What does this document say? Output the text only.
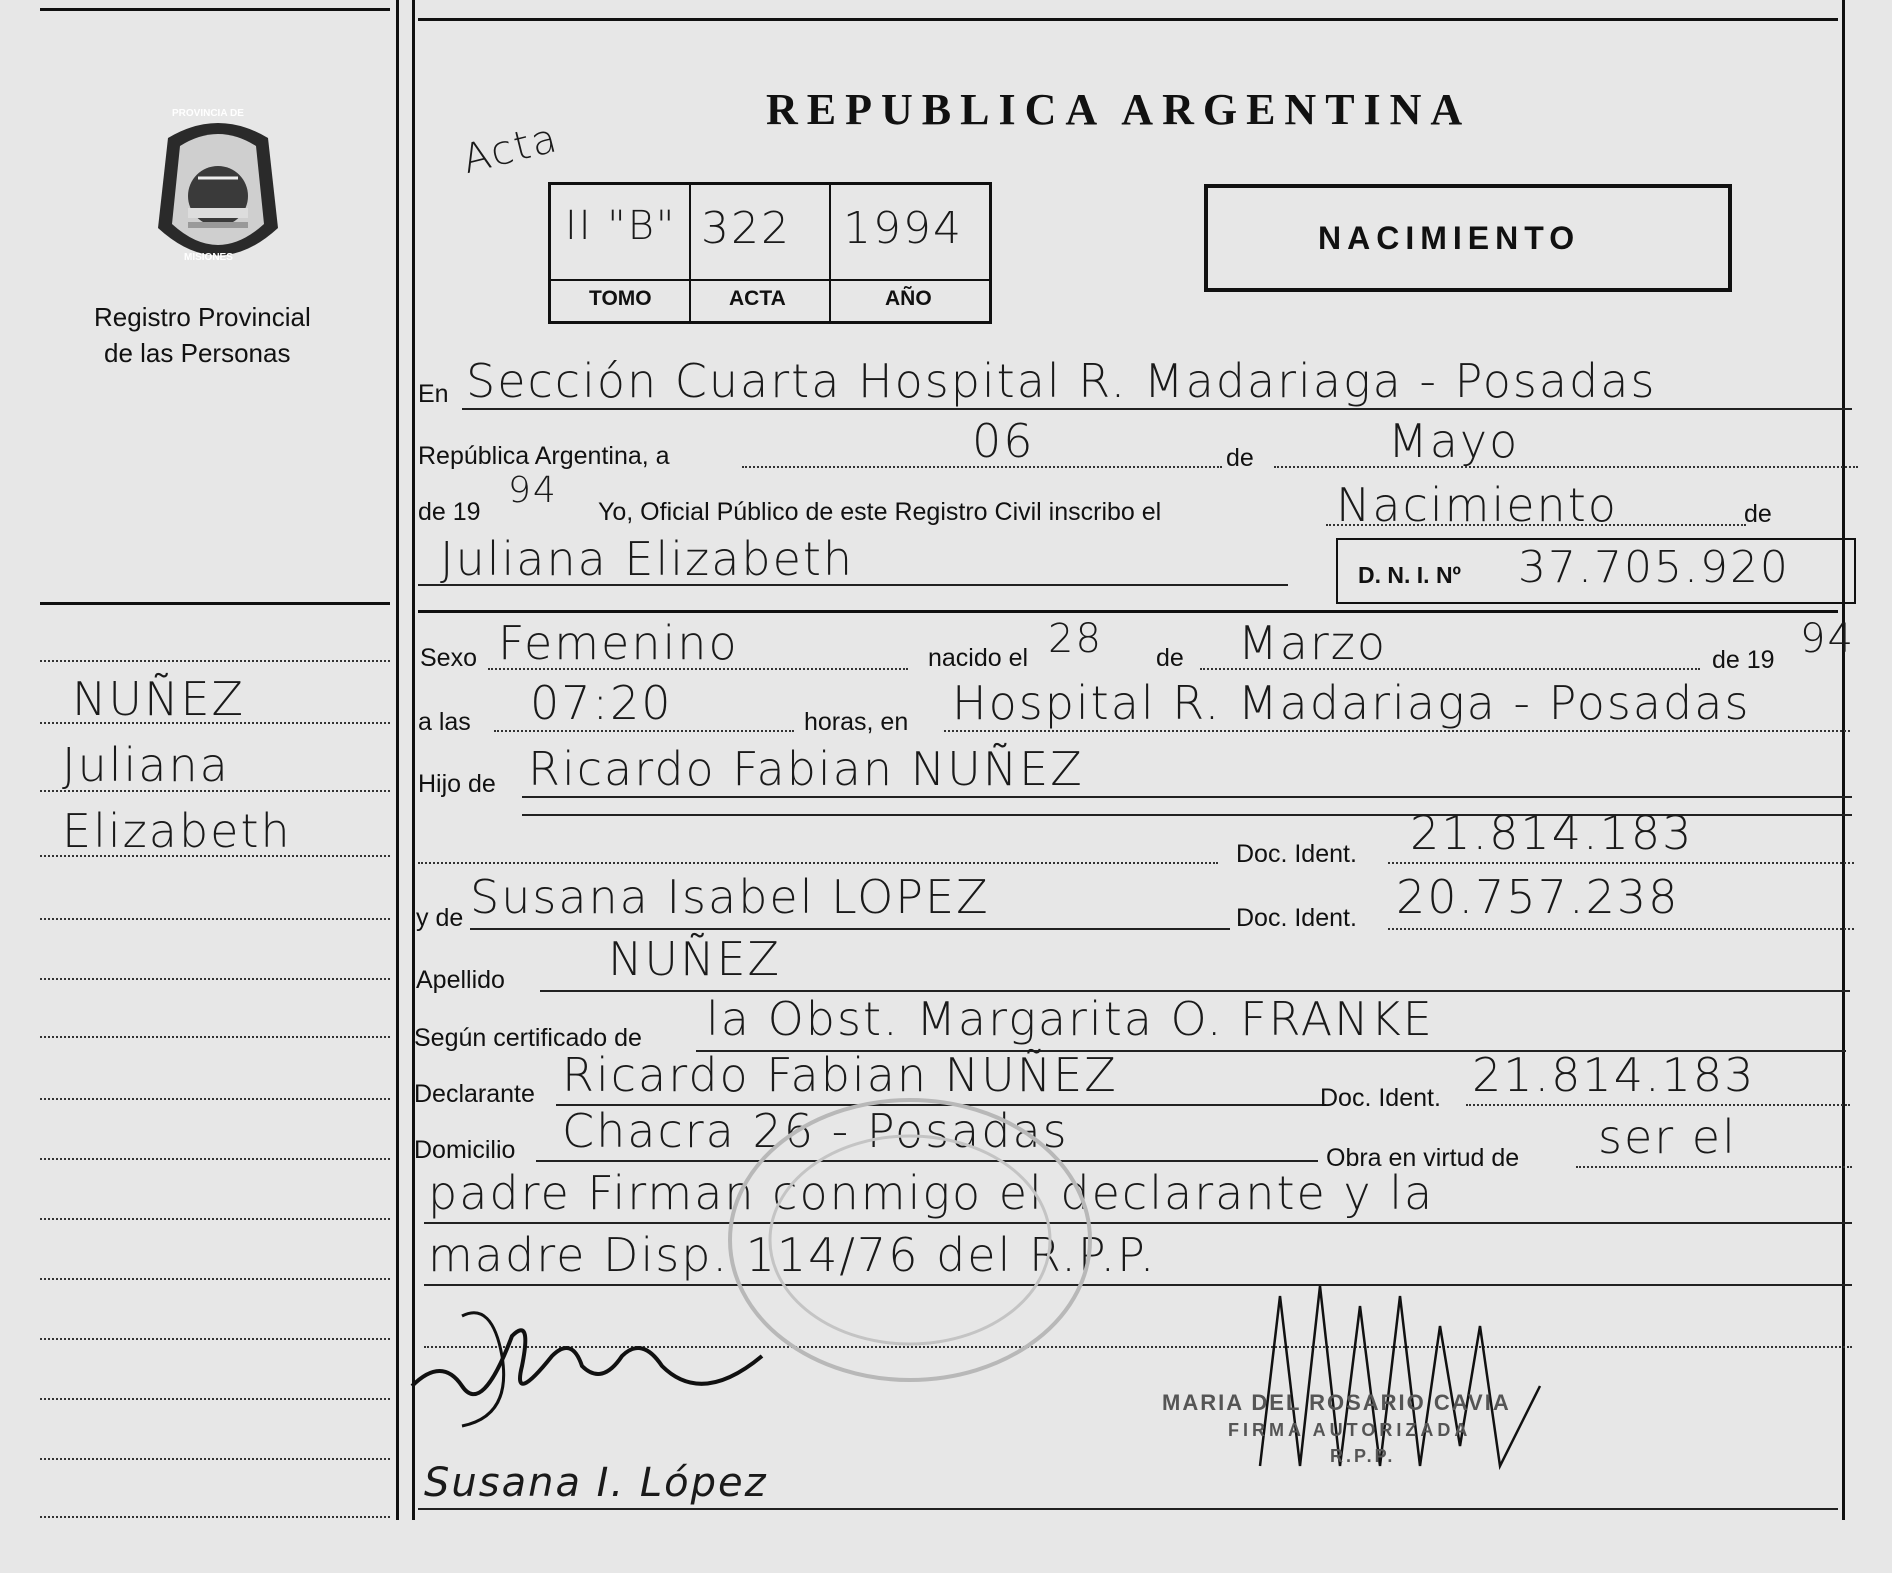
PROVINCIA DE
MISIONES
Registro Provincial
de las Personas
REPUBLICA ARGENTINA
Acta
II "B" 322 1994
TOMO	ACTA	AÑO
NACIMIENTO
NUÑEZ
Juliana
Elizabeth
En Sección Cuarta Hospital R. Madariaga - Posadas
República Argentina, a	06	de	Mayo
de 19
94
Yo, Oficial Público de este Registro Civil inscribo el	Nacimiento	de
Juliana Elizabeth	D. N. I. Nº 37.705.920
Sexo Femenino	nacido el 28 de Marzo	de 19 94
a las 07:20	horas, en Hospital R. Madariaga - Posadas
Hijo de Ricardo Fabian NUÑEZ
Doc. Ident. 21.814.183
y de Susana Isabel LOPEZ	Doc. Ident. 20.757.238
Apellido NUÑEZ
Según certificado de la Obst. Margarita O. FRANKE
Declarante Ricardo Fabian NUÑEZ	Doc. Ident. 21.814.183
Domicilio Chacra 26 - Posadas	Obra en virtud de ser el
padre Firman conmigo el declarante y la
madre Disp. 114/76 del R.P.P.
MARIA DEL ROSARIO CAVIA
FIRMA AUTORIZADA
R.P.P.
Susana I. López
